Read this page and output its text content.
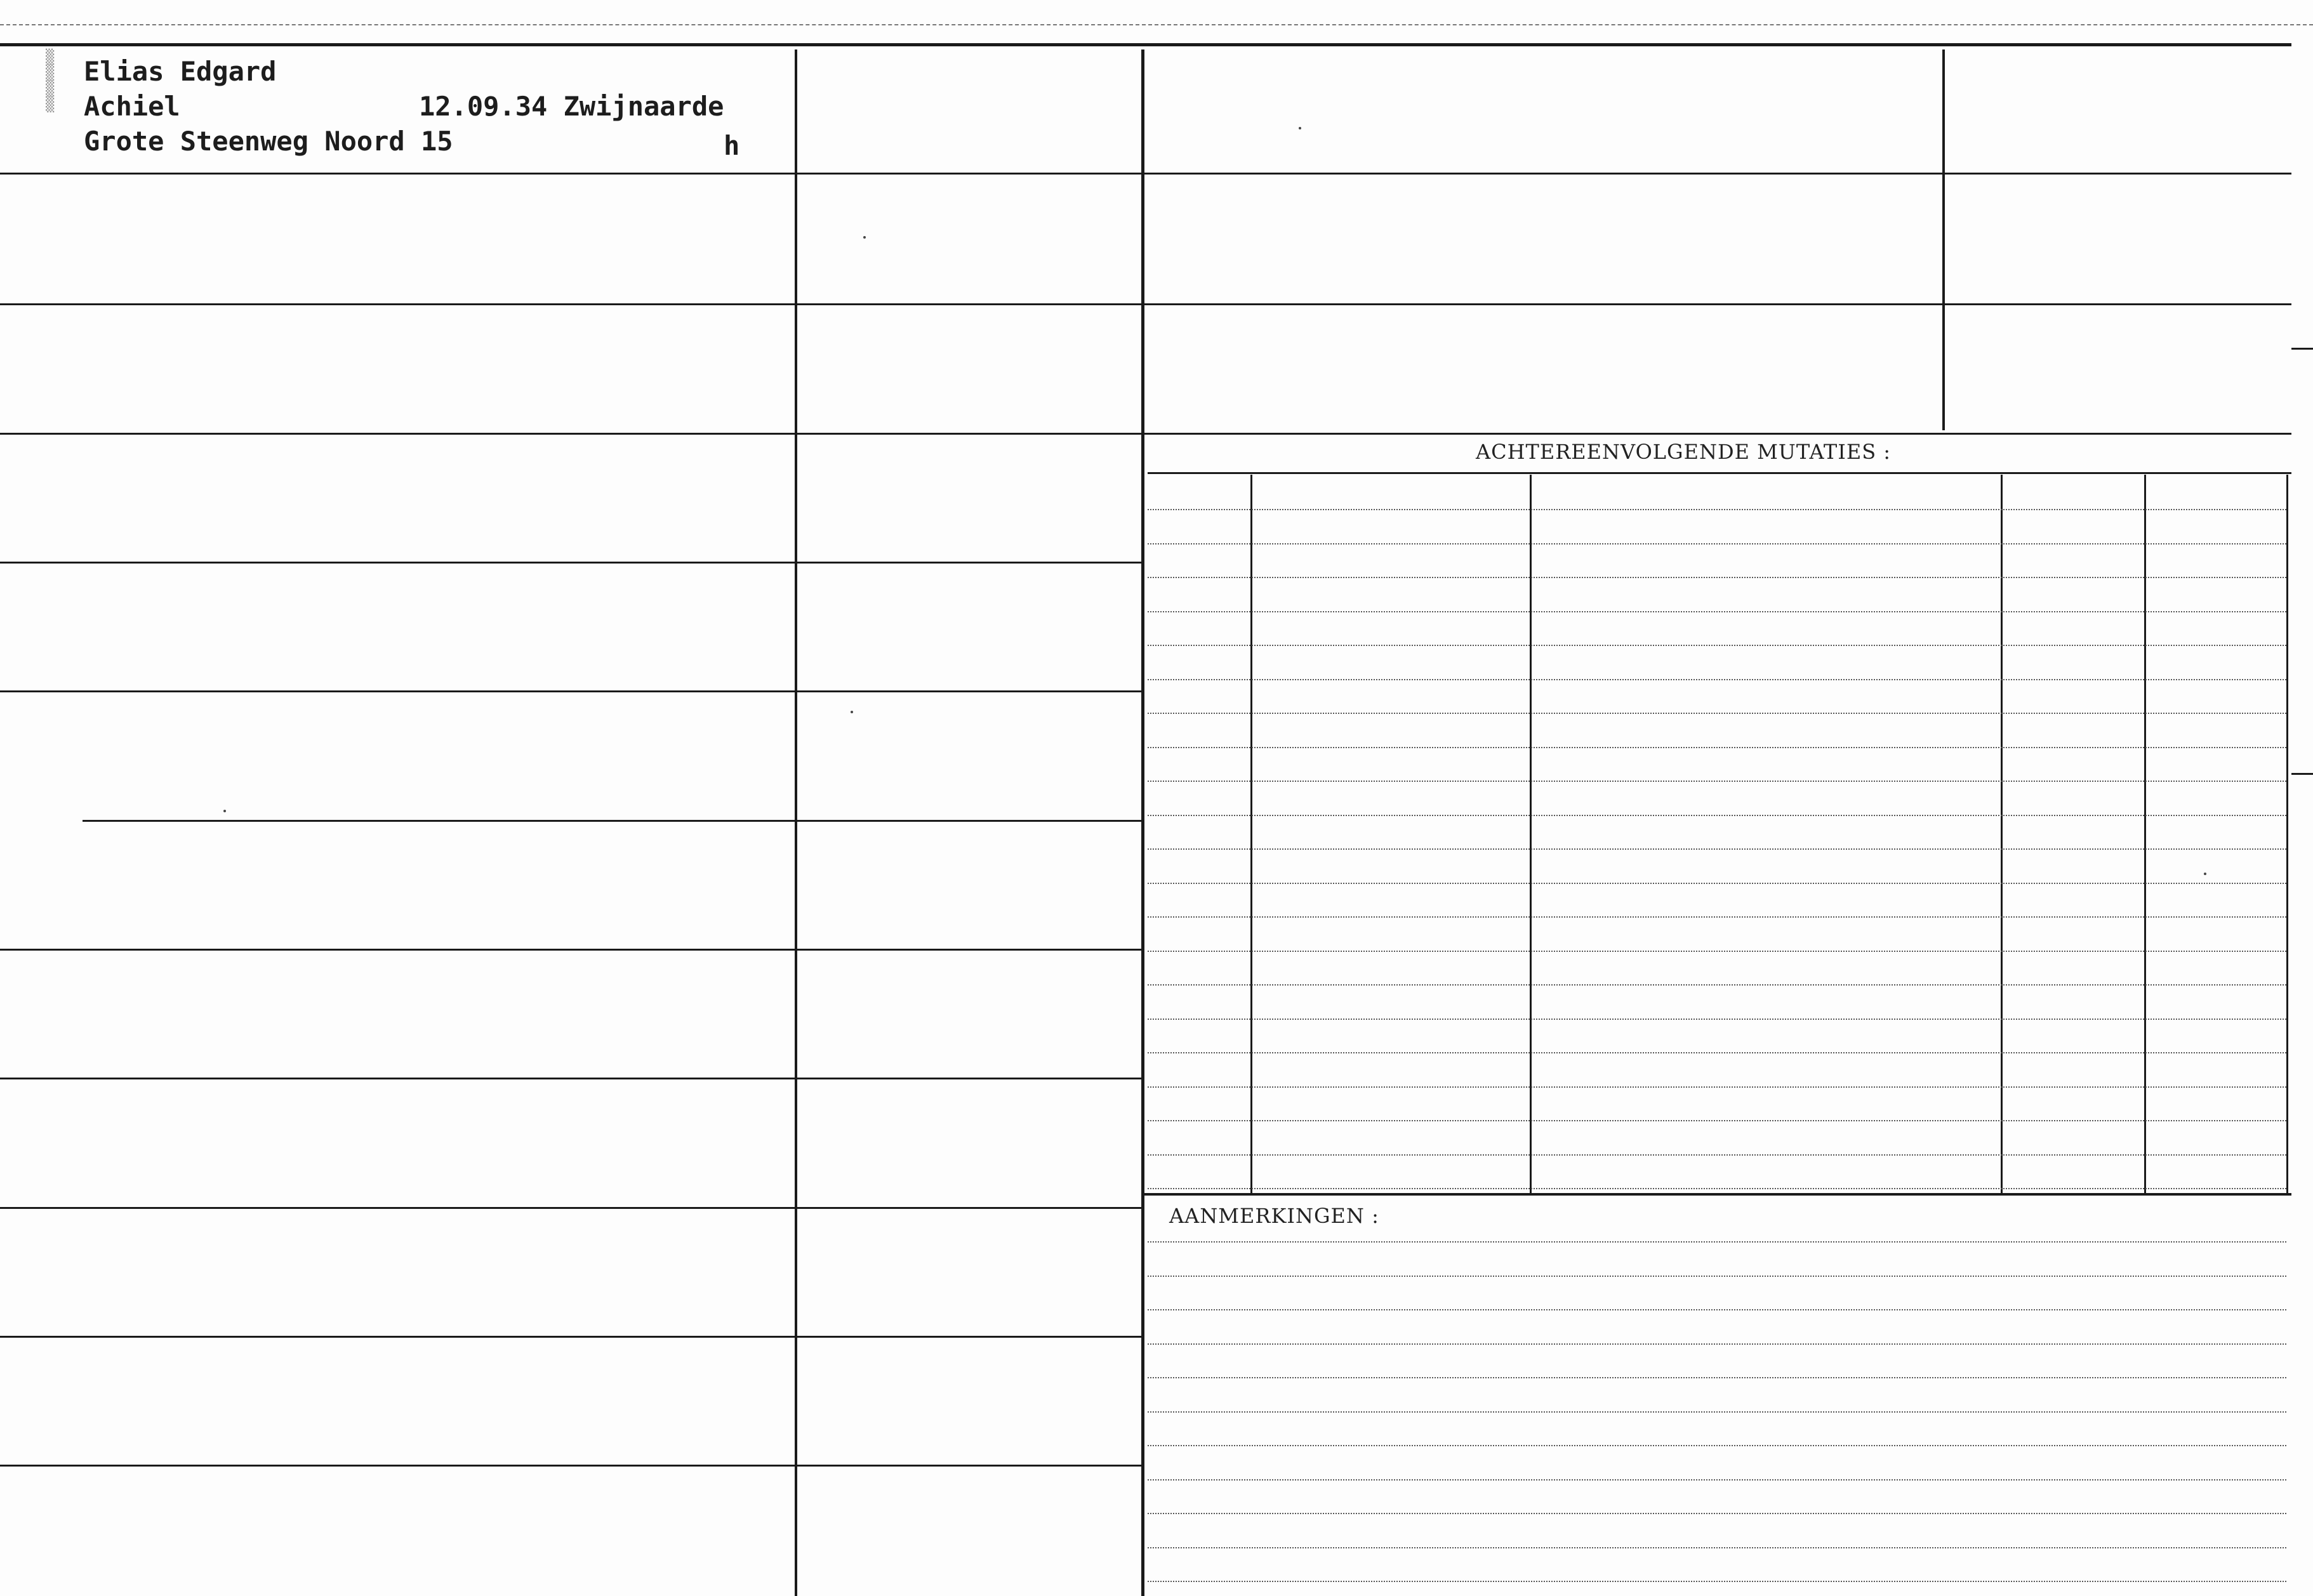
▒
▒
▒
▒
Elias Edgard
Achiel	12.09.34 Zwijnaarde
Grote Steenweg Noord 15	h
ACHTEREENVOLGENDE MUTATIES :
AANMERKINGEN :
